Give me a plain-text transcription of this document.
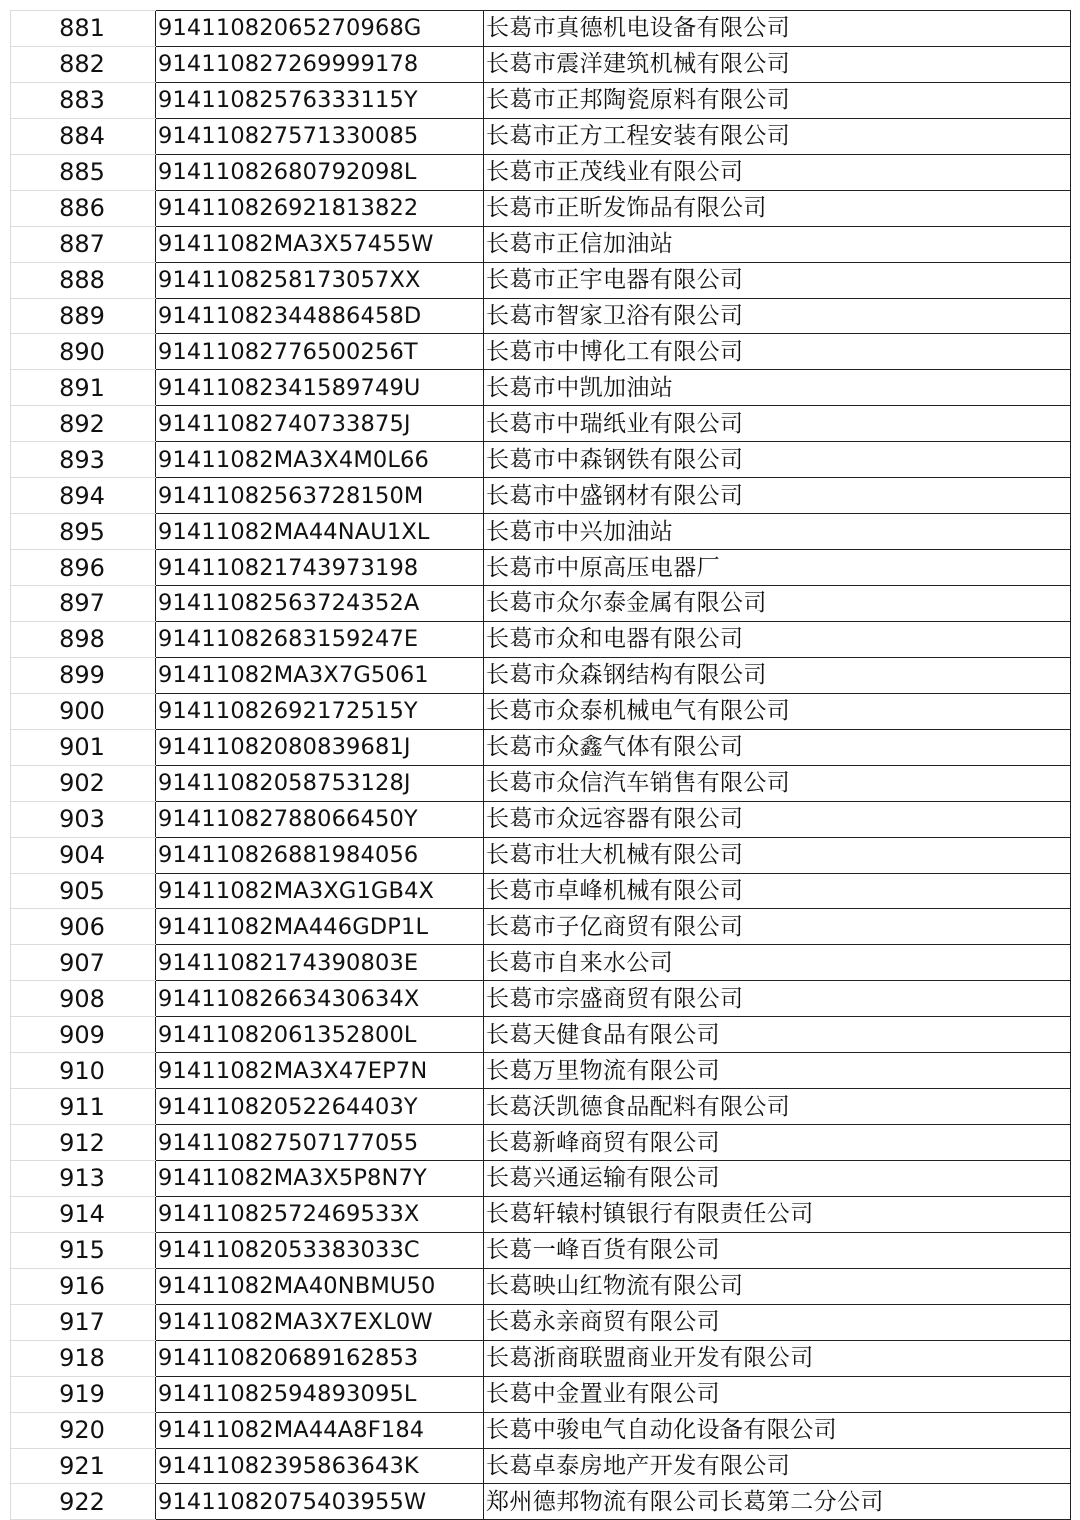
881	91411082065270968G	长葛市真德机电设备有限公司
882	914110827269999178	长葛市震洋建筑机械有限公司
883	91411082576333115Y	长葛市正邦陶瓷原料有限公司
884	914110827571330085	长葛市正方工程安装有限公司
885	91411082680792098L	长葛市正茂线业有限公司
886	914110826921813822	长葛市正昕发饰品有限公司
887	91411082MA3X57455W	长葛市正信加油站
888	9141108258173057XX	长葛市正宇电器有限公司
889	91411082344886458D	长葛市智家卫浴有限公司
890	91411082776500256T	长葛市中博化工有限公司
891	91411082341589749U	长葛市中凯加油站
892	91411082740733875J	长葛市中瑞纸业有限公司
893	91411082MA3X4M0L66	长葛市中森钢铁有限公司
894	91411082563728150M	长葛市中盛钢材有限公司
895	91411082MA44NAU1XL	长葛市中兴加油站
896	914110821743973198	长葛市中原高压电器厂
897	91411082563724352A	长葛市众尔泰金属有限公司
898	91411082683159247E	长葛市众和电器有限公司
899	91411082MA3X7G5061	长葛市众森钢结构有限公司
900	91411082692172515Y	长葛市众泰机械电气有限公司
901	91411082080839681J	长葛市众鑫气体有限公司
902	91411082058753128J	长葛市众信汽车销售有限公司
903	91411082788066450Y	长葛市众远容器有限公司
904	914110826881984056	长葛市壮大机械有限公司
905	91411082MA3XG1GB4X	长葛市卓峰机械有限公司
906	91411082MA446GDP1L	长葛市子亿商贸有限公司
907	91411082174390803E	长葛市自来水公司
908	91411082663430634X	长葛市宗盛商贸有限公司
909	91411082061352800L	长葛天健食品有限公司
910	91411082MA3X47EP7N	长葛万里物流有限公司
911	91411082052264403Y	长葛沃凯德食品配料有限公司
912	914110827507177055	长葛新峰商贸有限公司
913	91411082MA3X5P8N7Y	长葛兴通运输有限公司
914	91411082572469533X	长葛轩辕村镇银行有限责任公司
915	91411082053383033C	长葛一峰百货有限公司
916	91411082MA40NBMU50	长葛映山红物流有限公司
917	91411082MA3X7EXL0W	长葛永亲商贸有限公司
918	914110820689162853	长葛浙商联盟商业开发有限公司
919	91411082594893095L	长葛中金置业有限公司
920	91411082MA44A8F184	长葛中骏电气自动化设备有限公司
921	91411082395863643K	长葛卓泰房地产开发有限公司
922	91411082075403955W	郑州德邦物流有限公司长葛第二分公司
